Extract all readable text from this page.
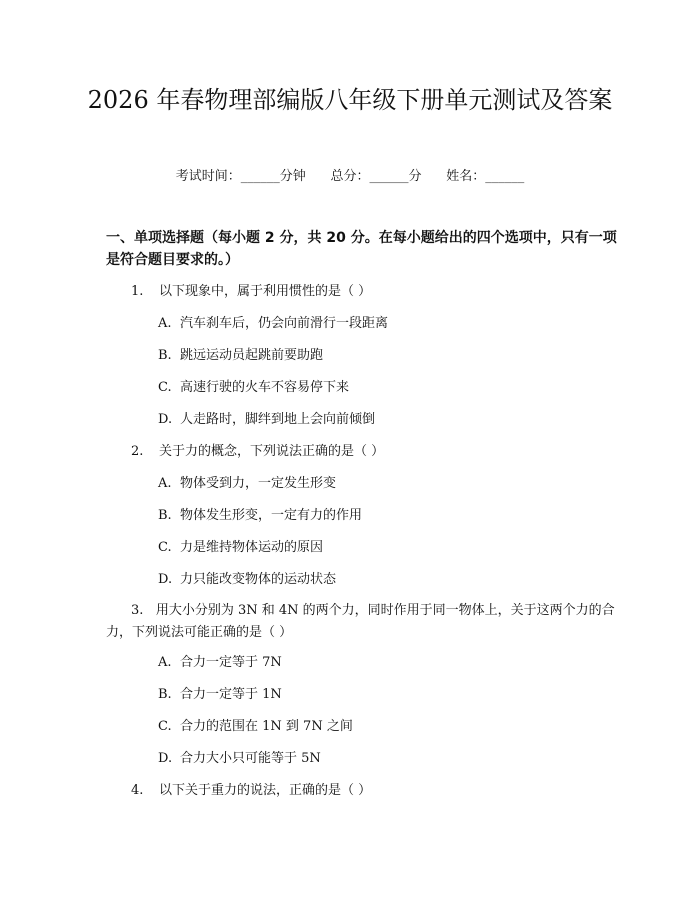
2026 年春物理部编版八年级下册单元测试及答案
考试时间：______分钟      总分：______分      姓名：______

一、单项选择题（每小题 2 分，共 20 分。在每小题给出的四个选项中，只有一项是符合题目要求的。）

1. 以下现象中，属于利用惯性的是（ ）
A. 汽车刹车后，仍会向前滑行一段距离
B. 跳远运动员起跳前要助跑
C. 高速行驶的火车不容易停下来
D. 人走路时，脚绊到地上会向前倾倒
2. 关于力的概念，下列说法正确的是（ ）
A. 物体受到力，一定发生形变
B. 物体发生形变，一定有力的作用
C. 力是维持物体运动的原因
D. 力只能改变物体的运动状态
3. 用大小分别为 3N 和 4N 的两个力，同时作用于同一物体上，关于这两个力的合力，下列说法可能正确的是（ ）
A. 合力一定等于 7N
B. 合力一定等于 1N
C. 合力的范围在 1N 到 7N 之间
D. 合力大小只可能等于 5N
4. 以下关于重力的说法，正确的是（ ）
